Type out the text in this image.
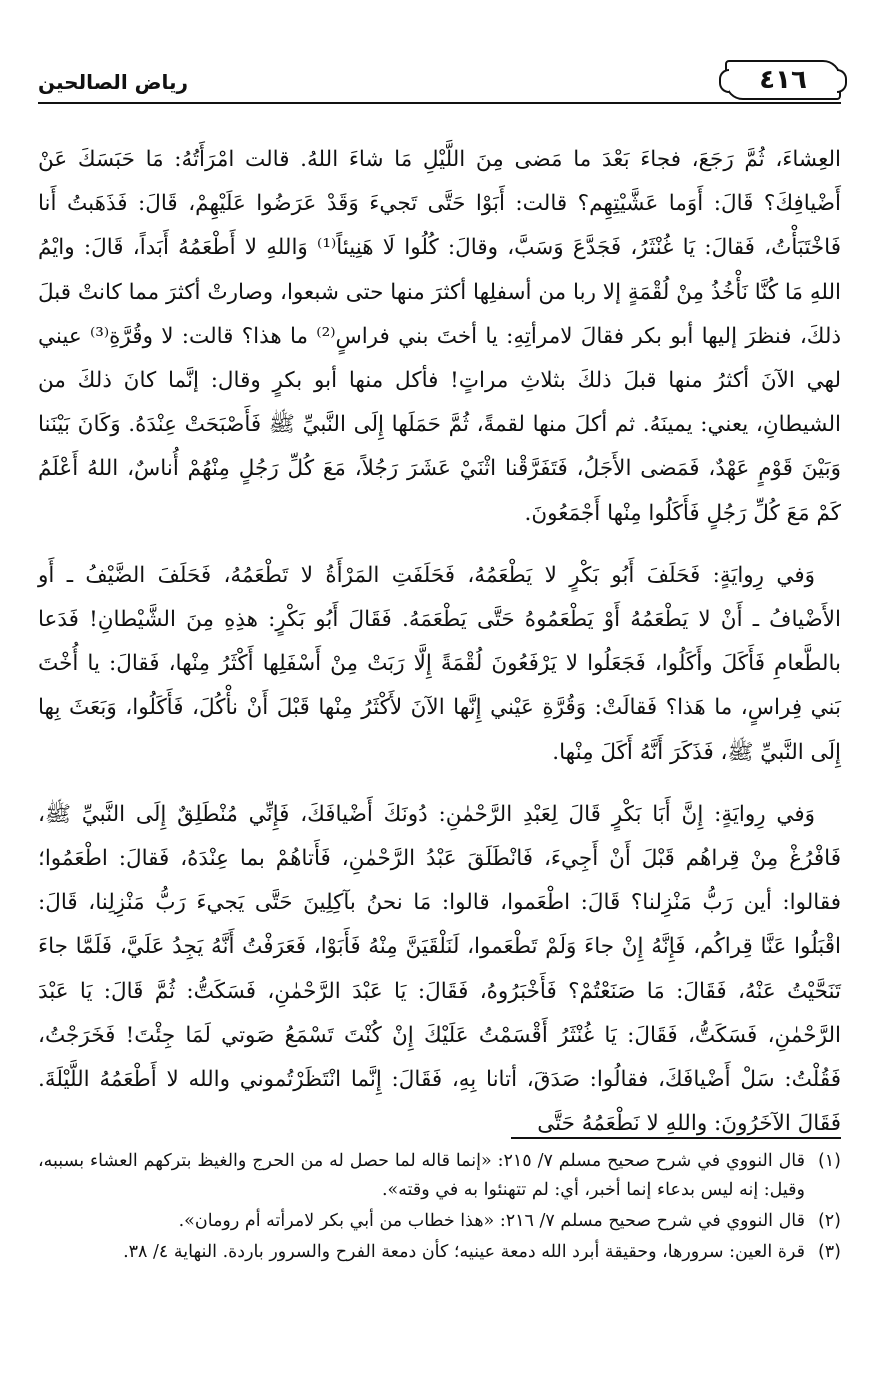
٤١٦
رياض الصالحين

العِشاءَ، ثُمَّ رَجَعَ، فجاءَ بَعْدَ ما مَضى مِنَ اللَّيْلِ مَا شاءَ اللهُ. قالت امْرَأَتُهُ: مَا حَبَسَكَ عَنْ أَضْيافِكَ؟ قَالَ: أَوَما عَشَّيْتِهِم؟ قالت: أَبَوْا حَتَّى تَجيءَ وَقَدْ عَرَضُوا عَلَيْهِمْ، قَالَ: فَذَهَبتُ أَنا فَاخْتَبَأْتُ، فَقالَ: يَا غُنْثَرُ، فَجَدَّعَ وَسَبَّ، وقالَ: كُلُوا لَا هَنِيئاً⁽¹⁾ وَاللهِ لا أَطْعَمُهُ أَبَداً، قَالَ: وايْمُ اللهِ مَا كُنَّا نَأْخُذُ مِنْ لُقْمَةٍ إلا ربا من أسفلِها أكثرَ منها حتى شبعوا، وصارتْ أكثرَ مما كانتْ قبلَ ذلكَ، فنظرَ إليها أبو بكر فقالَ لامرأتِهِ: يا أختَ بني فراسٍ⁽²⁾ ما هذا؟ قالت: لا وقُرَّةِ⁽³⁾ عيني لهي الآنَ أكثرُ منها قبلَ ذلكَ بثلاثِ مراتٍ! فأكل منها أبو بكرٍ وقال: إنَّما كانَ ذلكَ من الشيطانِ، يعني: يمينَهُ. ثم أكلَ منها لقمةً، ثُمَّ حَمَلَها إِلَى النَّبيِّ ﷺ فَأَصْبَحَتْ عِنْدَهُ. وَكَانَ بَيْنَنا وَبَيْنَ قَوْمٍ عَهْدٌ، فَمَضى الأَجَلُ، فَتَفَرَّقْنا اثْنَيْ عَشَرَ رَجُلاً، مَعَ كُلِّ رَجُلٍ مِنْهُمْ أُناسٌ، اللهُ أَعْلَمُ كَمْ مَعَ كُلِّ رَجُلٍ فَأَكَلُوا مِنْها أَجْمَعُونَ.

وَفي رِوايَةٍ: فَحَلَفَ أَبُو بَكْرٍ لا يَطْعَمُهُ، فَحَلَفَتِ المَرْأَةُ لا تَطْعَمُهُ، فَحَلَفَ الضَّيْفُ ـ أَو الأَضْيافُ ـ أَنْ لا يَطْعَمُهُ أَوْ يَطْعَمُوهُ حَتَّى يَطْعَمَهُ. فَقَالَ أَبُو بَكْرٍ: هذِهِ مِنَ الشَّيْطانِ! فَدَعا بالطَّعامِ فَأَكَلَ وأَكَلُوا، فَجَعَلُوا لا يَرْفَعُونَ لُقْمَةً إِلَّا رَبَتْ مِنْ أَسْفَلِها أَكْثَرُ مِنْها، فَقالَ: يا أُخْتَ بَني فِراسٍ، ما هَذا؟ فَقالَتْ: وَقُرَّةِ عَيْني إِنَّها الآنَ لأَكْثَرُ مِنْها قَبْلَ أَنْ نأْكُلَ، فَأَكَلُوا، وَبَعَثَ بِها إِلَى النَّبيِّ ﷺ، فَذَكَرَ أَنَّهُ أَكَلَ مِنْها.

وَفي رِوايَةٍ: إِنَّ أَبَا بَكْرٍ قَالَ لِعَبْدِ الرَّحْمٰنِ: دُونَكَ أَضْيافَكَ، فَإِنِّي مُنْطَلِقٌ إِلَى النَّبيِّ ﷺ، فَافْرُغْ مِنْ قِراهُم قَبْلَ أَنْ أَجِيءَ، فَانْطَلَقَ عَبْدُ الرَّحْمٰنِ، فَأَتاهُمْ بما عِنْدَهُ، فَقالَ: اطْعَمُوا؛ فقالوا: أين رَبُّ مَنْزِلنا؟ قَالَ: اطْعَموا، قالوا: مَا نحنُ بآكِلِينَ حَتَّى يَجيءَ رَبُّ مَنْزِلِنا، قَالَ: اقْبَلُوا عَنَّا قِراكُم، فَإِنَّهُ إِنْ جاءَ وَلَمْ تَطْعَموا، لَنَلْقَيَنَّ مِنْهُ فَأَبَوْا، فَعَرَفْتُ أَنَّهُ يَجِدُ عَلَيَّ، فَلَمَّا جاءَ تَنَحَّيْتُ عَنْهُ، فَقَالَ: مَا صَنَعْتُمْ؟ فَأَخْبَرُوهُ، فَقَالَ: يَا عَبْدَ الرَّحْمٰنِ، فَسَكَتُّ: ثُمَّ قَالَ: يَا عَبْدَ الرَّحْمٰنِ، فَسَكَتُّ، فَقَالَ: يَا غُنْثَرُ أَقْسَمْتُ عَلَيْكَ إِنْ كُنْتَ تَسْمَعُ صَوتي لَمَا جِئْتَ! فَخَرَجْتُ، فَقُلْتُ: سَلْ أَضْيافَكَ، فقالُوا: صَدَقَ، أتانا بِهِ، فَقَالَ: إِنَّما انْتَظَرْتُموني والله لا أَطْعَمُهُ اللَّيْلَةَ. فَقَالَ الآخَرُونَ: واللهِ لا نَطْعَمُهُ حَتَّى

(١)
قال النووي في شرح صحيح مسلم ٧/ ٢١٥: «إنما قاله لما حصل له من الحرج والغيظ بتركهم العشاء بسببه، وقيل: إنه ليس بدعاء إنما أخبر، أي: لم تتهنئوا به في وقته».
(٢)
قال النووي في شرح صحيح مسلم ٧/ ٢١٦: «هذا خطاب من أبي بكر لامرأته أم رومان».
(٣)
قرة العين: سرورها، وحقيقة أبرد الله دمعة عينيه؛ كأن دمعة الفرح والسرور باردة. النهاية ٤/ ٣٨.
